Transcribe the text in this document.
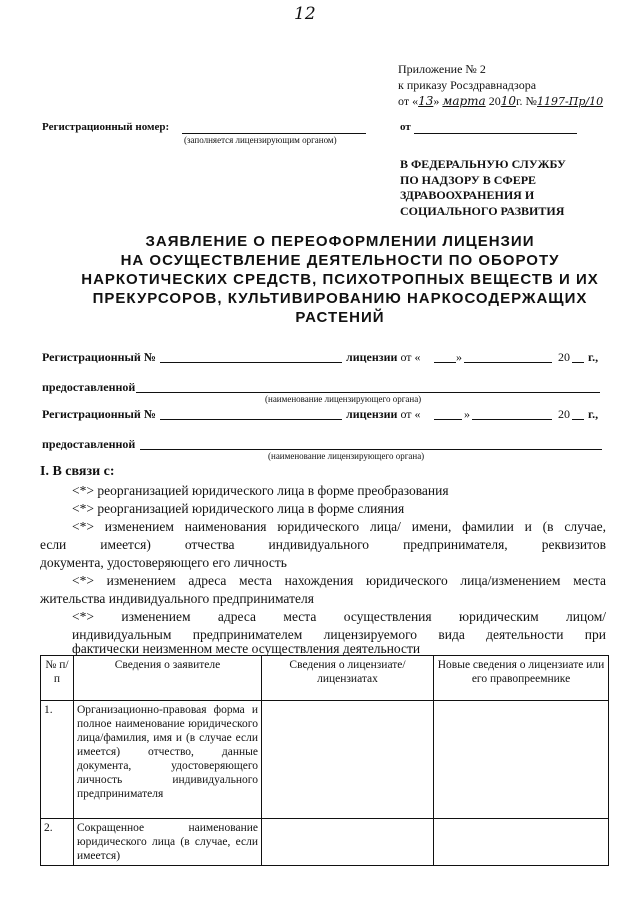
12
Приложение № 2
к приказу Росздравнадзора
от «13» марта 2010г. №1197-Пр/10
Регистрационный номер:
(заполняется лицензирующим органом)
от
В ФЕДЕРАЛЬНУЮ СЛУЖБУ
ПО НАДЗОРУ В СФЕРЕ
ЗДРАВООХРАНЕНИЯ И
СОЦИАЛЬНОГО РАЗВИТИЯ
ЗАЯВЛЕНИЕ О ПЕРЕОФОРМЛЕНИИ ЛИЦЕНЗИИ
НА ОСУЩЕСТВЛЕНИЕ ДЕЯТЕЛЬНОСТИ ПО ОБОРОТУ
НАРКОТИЧЕСКИХ СРЕДСТВ, ПСИХОТРОПНЫХ ВЕЩЕСТВ И ИХ
ПРЕКУРСОРОВ, КУЛЬТИВИРОВАНИЮ НАРКОСОДЕРЖАЩИХ
РАСТЕНИЙ
Регистрационный №	лицензии от «	»	20 г.,
предоставленной
(наименование лицензирующего органа)
Регистрационный №	лицензии от «	»	20 г.,
предоставленной
(наименование лицензирующего органа)
I. В связи с:
<*> реорганизацией юридического лица в форме преобразования
<*> реорганизацией юридического лица в форме слияния
<*> изменением наименования юридического лица/ имени, фамилии и (в случае,
если имеется) отчества индивидуального предпринимателя, реквизитов
документа, удостоверяющего его личность
<*> изменением адреса места нахождения юридического лица/изменением места
жительства индивидуального предпринимателя
<*> изменением адреса места осуществления юридическим лицом/
индивидуальным предпринимателем лицензируемого вида деятельности при
фактически неизменном месте осуществления деятельности
№ п/п	Сведения о заявителе	Сведения о лицензиате/лицензиатах	Новые сведения о лицензиате или его правопреемнике
1.	Организационно-правовая форма и полное наименование юридического лица/фамилия, имя и (в случае если имеется) отчество, данные документа, удостоверяющего личность индивидуального предпринимателя		
2.	Сокращенное наименование юридического лица (в случае, если имеется)		
